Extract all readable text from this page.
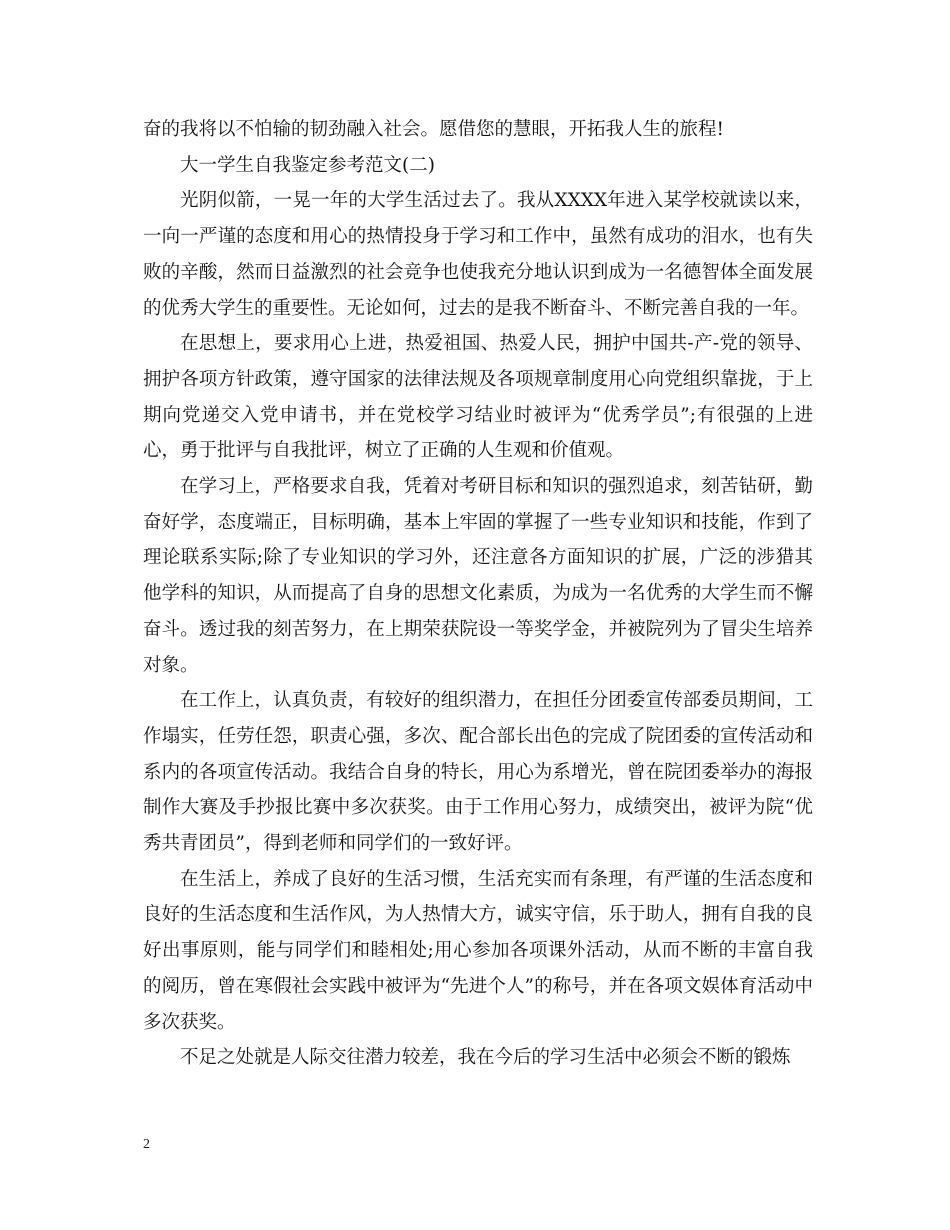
奋的我将以不怕输的韧劲融入社会。愿借您的慧眼，开拓我人生的旅程!

大一学生自我鉴定参考范文(二)

光阴似箭，一晃一年的大学生活过去了。我从XXXX年进入某学校就读以来，一向一严谨的态度和用心的热情投身于学习和工作中，虽然有成功的泪水，也有失败的辛酸，然而日益激烈的社会竞争也使我充分地认识到成为一名德智体全面发展的优秀大学生的重要性。无论如何，过去的是我不断奋斗、不断完善自我的一年。

在思想上，要求用心上进，热爱祖国、热爱人民，拥护中国共-产-党的领导、拥护各项方针政策，遵守国家的法律法规及各项规章制度用心向党组织靠拢，于上期向党递交入党申请书，并在党校学习结业时被评为“优秀学员”;有很强的上进心，勇于批评与自我批评，树立了正确的人生观和价值观。

在学习上，严格要求自我，凭着对考研目标和知识的强烈追求，刻苦钻研，勤奋好学，态度端正，目标明确，基本上牢固的掌握了一些专业知识和技能，作到了理论联系实际;除了专业知识的学习外，还注意各方面知识的扩展，广泛的涉猎其他学科的知识，从而提高了自身的思想文化素质，为成为一名优秀的大学生而不懈奋斗。透过我的刻苦努力，在上期荣获院设一等奖学金，并被院列为了冒尖生培养对象。

在工作上，认真负责，有较好的组织潜力，在担任分团委宣传部委员期间，工作塌实，任劳任怨，职责心强，多次、配合部长出色的完成了院团委的宣传活动和系内的各项宣传活动。我结合自身的特长，用心为系增光，曾在院团委举办的海报制作大赛及手抄报比赛中多次获奖。由于工作用心努力，成绩突出，被评为院“优秀共青团员”，得到老师和同学们的一致好评。

在生活上，养成了良好的生活习惯，生活充实而有条理，有严谨的生活态度和良好的生活态度和生活作风，为人热情大方，诚实守信，乐于助人，拥有自我的良好出事原则，能与同学们和睦相处;用心参加各项课外活动，从而不断的丰富自我的阅历，曾在寒假社会实践中被评为“先进个人”的称号，并在各项文娱体育活动中多次获奖。

不足之处就是人际交往潜力较差，我在今后的学习生活中必须会不断的锻炼

2
